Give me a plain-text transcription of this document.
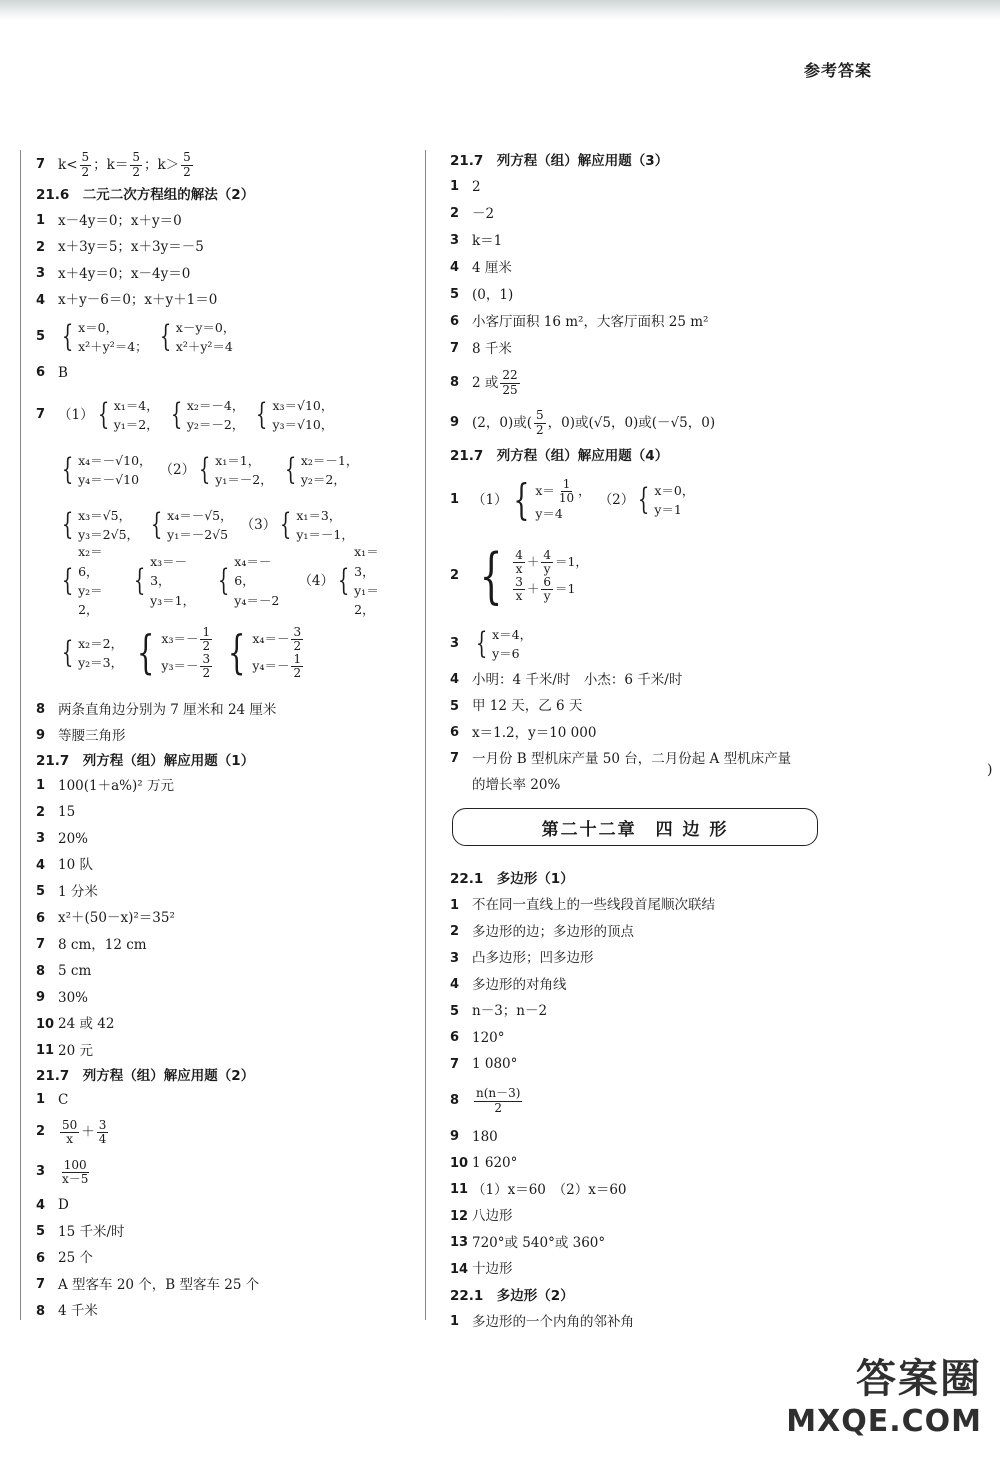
参考答案
7 $k < \frac{5}{2}$ ；$k= \frac{5}{2}$ ；$k> \frac{5}{2}$
21.6　二元二次方程组的解法（2）
1 x－4y＝0；x＋y＝0
2 x＋3y＝5；x＋3y＝－5
3 x＋4y＝0；x－4y＝0
4 x＋y－6＝0；x＋y＋1＝0
5 { x＝0，
x²＋y²＝4； { x－y＝0，
x²＋y²＝4
6 B
7 （1） { x₁＝4，
y₁＝2， { x₂＝－4，
y₂＝－2， { x₃＝√10，
y₃＝√10，
{ x₄＝－√10，
y₄＝－√10
（2） { x₁＝1，
y₁＝－2， { x₂＝－1，
y₂＝2，
{ x₃＝√5，
y₃＝2√5， { x₄＝－√5，
y₁＝－2√5
（3） { x₁＝3，
y₁＝－1，
{
x₂＝6，
y₂＝2，
{
x₃＝－3，
y₃＝1，
{
x₄＝－6，
y₄＝－2
（4） {
x₁＝3，
y₁＝2，
{ x₂＝2，
y₂＝3， { $x_3=- \frac{1}{2}$
$y_3=- \frac{3}{2}$ { $x_4=- \frac{3}{2}$
$y_4=- \frac{1}{2}$
8 两条直角边分别为 7 厘米和 24 厘米
9 等腰三角形
21.7　列方程（组）解应用题（1）
1 100(1＋a%)² 万元
2 15
3 20%
4 10 队
5 1 分米
6 x²＋(50－x)²＝35²
7 8 cm，12 cm
8 5 cm
9 30%
10 24 或 42
11 20 元
21.7　列方程（组）解应用题（2）
1 C
2	$\frac{50}{x} + \frac{3}{4}$
3	$\frac{100}{x-5}$
4 D
5 15 千米/时
6 25 个
7 A 型客车 20 个，B 型客车 25 个
8 4 千米
21.7　列方程（组）解应用题（3）
1 2
2 －2
3 k＝1
4 4 厘米
5 (0，1)
6 小客厅面积 16 m²，大客厅面积 25 m²
7 8 千米
8 2 或 $\frac{22}{25}$
9 (2，0)或( $\frac{5}{2}$ ，0)或(√5，0)或(－√5，0)
21.7　列方程（组）解应用题（4）
1 （1） { $x= \frac{1}{10}$ ，
y＝4
（2） { x＝0，
y＝1
2 { $\frac{4}{x} + \frac{4}{y} =1$，
$\frac{3}{x} + \frac{6}{y} =1$
3 { x＝4，
y＝6
4 小明：4 千米/时　小杰：6 千米/时
5 甲 12 天，乙 6 天
6 x＝1.2，y＝10 000
7 一月份 B 型机床产量 50 台，二月份起 A 型机床产量
的增长率 20%
22.1　多边形（1）
1 不在同一直线上的一些线段首尾顺次联结
2 多边形的边；多边形的顶点
3 凸多边形；凹多边形
4 多边形的对角线
5 n－3；n－2
6 120°
7 1 080°
8	$\frac{n(n-3)}{2}$
9 180
10 1 620°
11 （1）x＝60　（2）x＝60
12 八边形
13 720°或 540°或 360°
14 十边形
22.1　多边形（2）
1 多边形的一个内角的邻补角
第二十二章　四 边 形
)
答案圈
MXQE.COM
